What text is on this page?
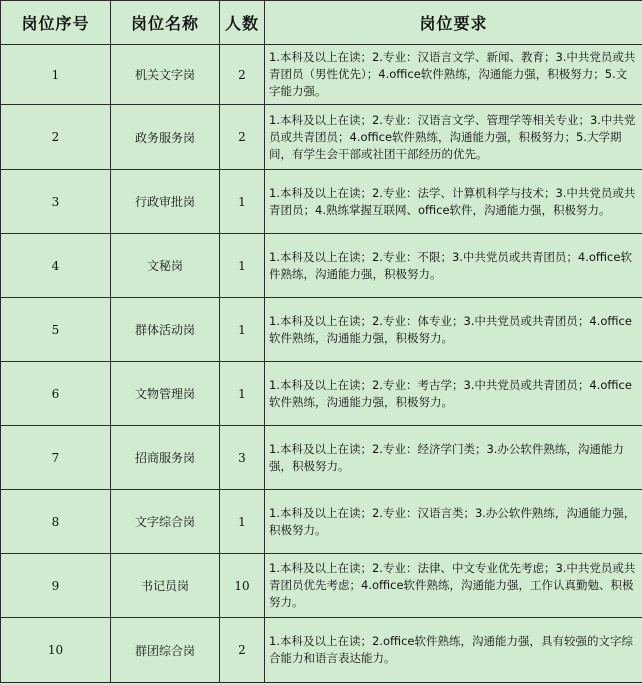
岗位序号	岗位名称	人数	岗位要求
1	机关文字岗	2	1.本科及以上在读；2.专业：汉语言文学、新闻、教育；3.中共党员或共青团员（男性优先）；4.office软件熟练，沟通能力强，积极努力；5.文字能力强。
2	政务服务岗	2	1.本科及以上在读；2.专业：汉语言文学、管理学等相关专业；3.中共党员或共青团员；4.office软件熟练，沟通能力强，积极努力；5.大学期间，有学生会干部或社团干部经历的优先。
3	行政审批岗	1	1.本科及以上在读；2.专业：法学、计算机科学与技术；3.中共党员或共青团员；4.熟练掌握互联网、office软件，沟通能力强，积极努力。
4	文秘岗	1	1.本科及以上在读；2.专业：不限；3.中共党员或共青团员；4.office软件熟练，沟通能力强，积极努力。
5	群体活动岗	1	1.本科及以上在读；2.专业：体专业；3.中共党员或共青团员；4.office软件熟练，沟通能力强，积极努力。
6	文物管理岗	1	1.本科及以上在读；2.专业：考古学；3.中共党员或共青团员；4.office软件熟练，沟通能力强，积极努力。
7	招商服务岗	3	1.本科及以上在读；2.专业：经济学门类；3.办公软件熟练，沟通能力强，积极努力。
8	文字综合岗	1	1.本科及以上在读；2.专业：汉语言类；3.办公软件熟练，沟通能力强，积极努力。
9	书记员岗	10	1.本科及以上在读；2.专业：法律、中文专业优先考虑；3.中共党员或共青团员优先考虑；4.office软件熟练，沟通能力强，工作认真勤勉、积极努力。
10	群团综合岗	2	1.本科及以上在读；2.office软件熟练，沟通能力强，具有较强的文字综合能力和语言表达能力。
